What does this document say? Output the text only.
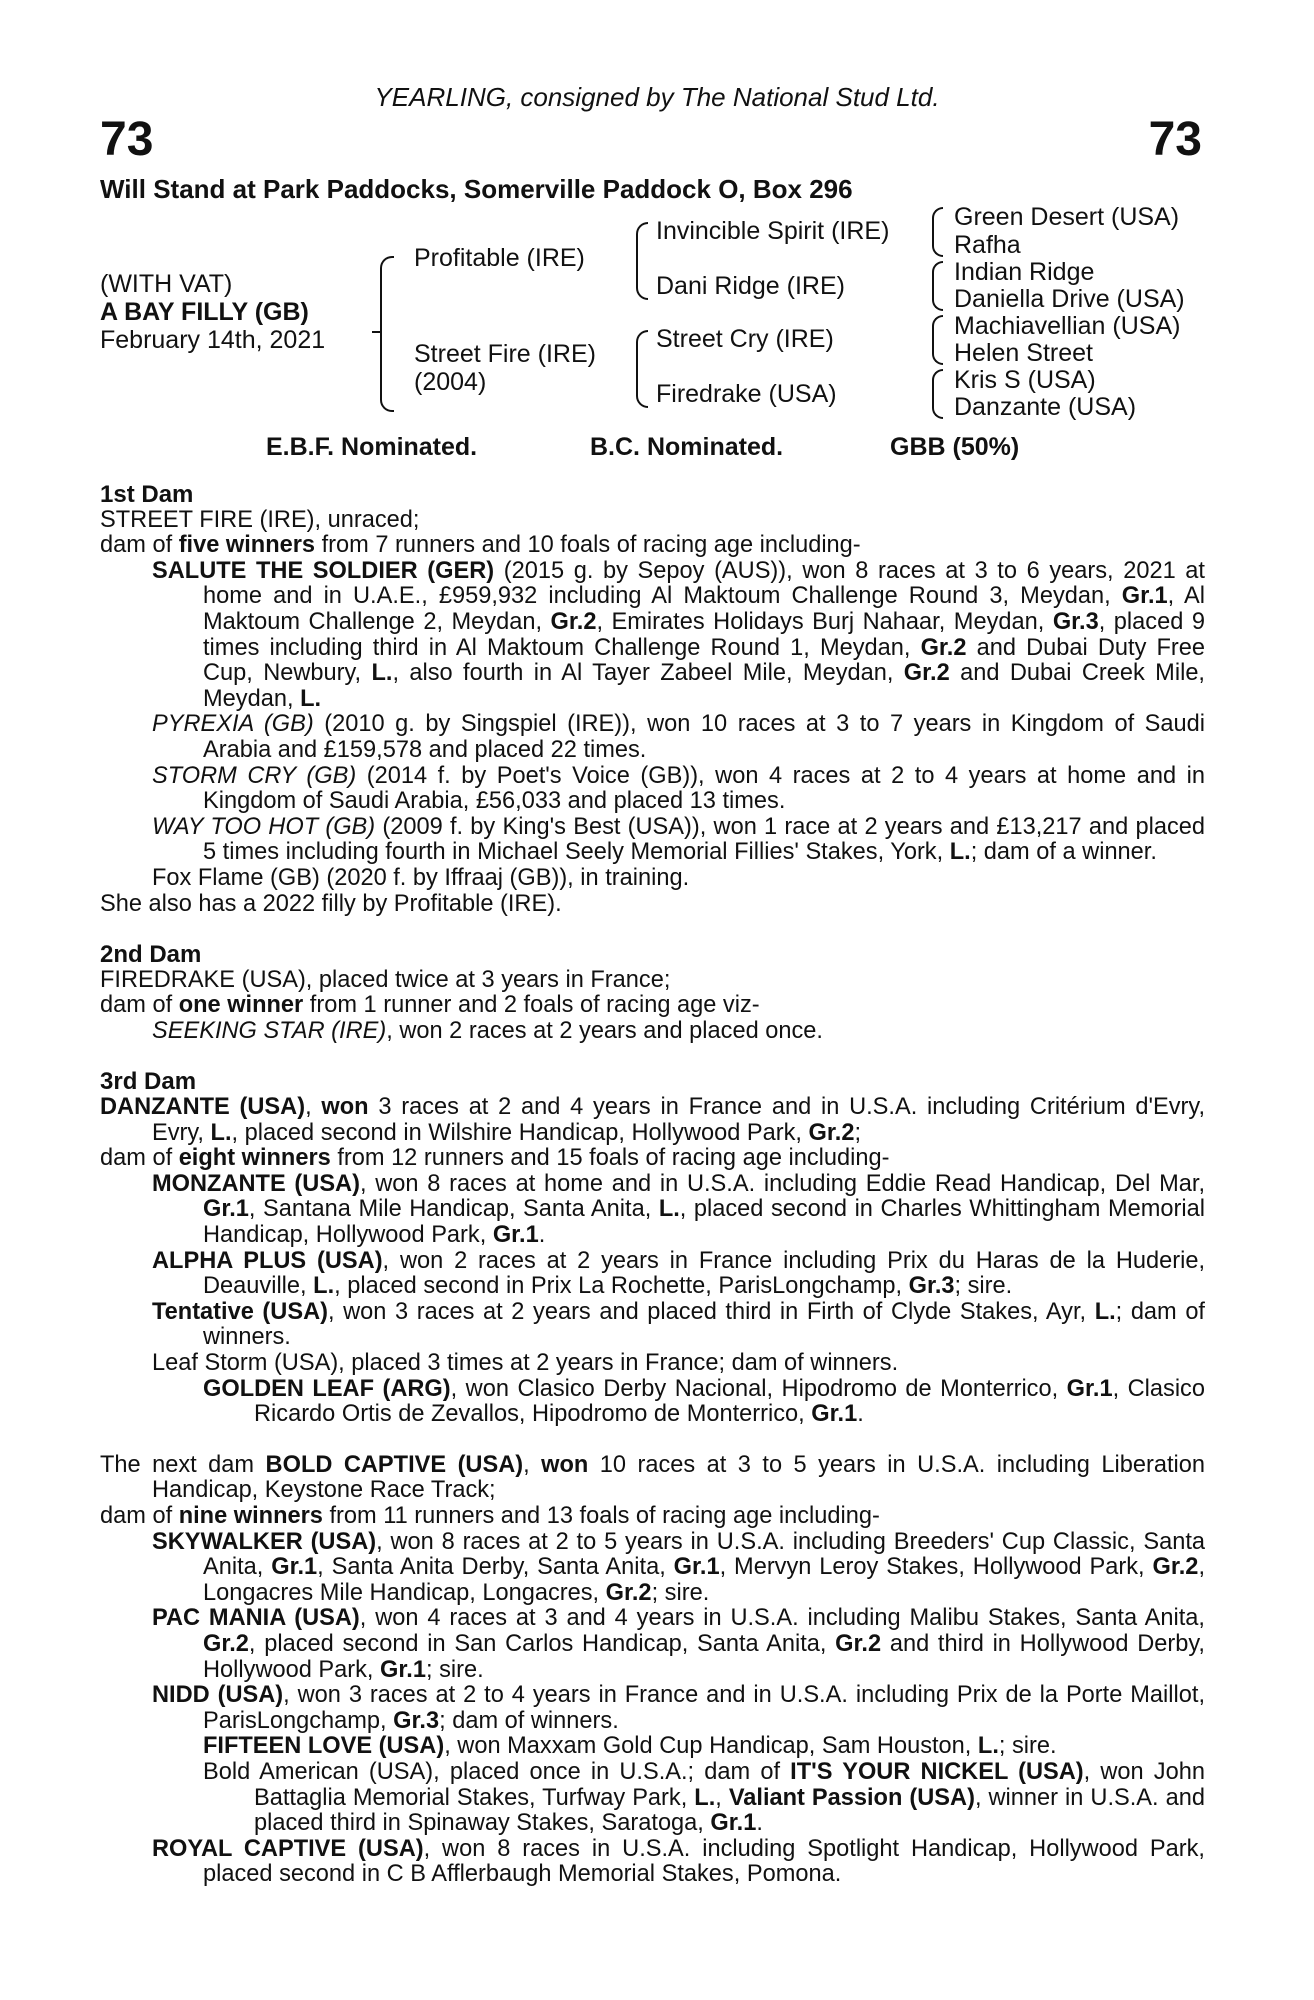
YEARLING, consigned by The National Stud Ltd.
73	73
Will Stand at Park Paddocks, Somerville Paddock O, Box 296
(WITH VAT)
A BAY FILLY (GB)
February 14th, 2021
Profitable (IRE)
Street Fire (IRE)
(2004)
Invincible Spirit (IRE)
Dani Ridge (IRE)
Street Cry (IRE)
Firedrake (USA)
Green Desert (USA)
Rafha
Indian Ridge
Daniella Drive (USA)
Machiavellian (USA)
Helen Street
Kris S (USA)
Danzante (USA)
E.B.F. Nominated.	B.C. Nominated.	GBB (50%)

1st Dam

STREET FIRE (IRE), unraced;

dam of five winners from 7 runners and 10 foals of racing age including-

SALUTE THE SOLDIER (GER) (2015 g. by Sepoy (AUS)), won 8 races at 3 to 6 years, 2021 at home and in U.A.E., £959,932 including Al Maktoum Challenge Round 3, Meydan, Gr.1, Al Maktoum Challenge 2, Meydan, Gr.2, Emirates Holidays Burj Nahaar, Meydan, Gr.3, placed 9 times including third in Al Maktoum Challenge Round 1, Meydan, Gr.2 and Dubai Duty Free Cup, Newbury, L., also fourth in Al Tayer Zabeel Mile, Meydan, Gr.2 and Dubai Creek Mile, Meydan, L.

PYREXIA (GB) (2010 g. by Singspiel (IRE)), won 10 races at 3 to 7 years in Kingdom of Saudi Arabia and £159,578 and placed 22 times.

STORM CRY (GB) (2014 f. by Poet's Voice (GB)), won 4 races at 2 to 4 years at home and in Kingdom of Saudi Arabia, £56,033 and placed 13 times.

WAY TOO HOT (GB) (2009 f. by King's Best (USA)), won 1 race at 2 years and £13,217 and placed 5 times including fourth in Michael Seely Memorial Fillies' Stakes, York, L.; dam of a winner.

Fox Flame (GB) (2020 f. by Iffraaj (GB)), in training.

She also has a 2022 filly by Profitable (IRE).

2nd Dam

FIREDRAKE (USA), placed twice at 3 years in France;

dam of one winner from 1 runner and 2 foals of racing age viz-

SEEKING STAR (IRE), won 2 races at 2 years and placed once.

3rd Dam

DANZANTE (USA), won 3 races at 2 and 4 years in France and in U.S.A. including Critérium d'Evry, Evry, L., placed second in Wilshire Handicap, Hollywood Park, Gr.2;

dam of eight winners from 12 runners and 15 foals of racing age including-

MONZANTE (USA), won 8 races at home and in U.S.A. including Eddie Read Handicap, Del Mar, Gr.1, Santana Mile Handicap, Santa Anita, L., placed second in Charles Whittingham Memorial Handicap, Hollywood Park, Gr.1.

ALPHA PLUS (USA), won 2 races at 2 years in France including Prix du Haras de la Huderie, Deauville, L., placed second in Prix La Rochette, ParisLongchamp, Gr.3; sire.

Tentative (USA), won 3 races at 2 years and placed third in Firth of Clyde Stakes, Ayr, L.; dam of winners.

Leaf Storm (USA), placed 3 times at 2 years in France; dam of winners.

GOLDEN LEAF (ARG), won Clasico Derby Nacional, Hipodromo de Monterrico, Gr.1, Clasico Ricardo Ortis de Zevallos, Hipodromo de Monterrico, Gr.1.

The next dam BOLD CAPTIVE (USA), won 10 races at 3 to 5 years in U.S.A. including Liberation Handicap, Keystone Race Track;

dam of nine winners from 11 runners and 13 foals of racing age including-

SKYWALKER (USA), won 8 races at 2 to 5 years in U.S.A. including Breeders' Cup Classic, Santa Anita, Gr.1, Santa Anita Derby, Santa Anita, Gr.1, Mervyn Leroy Stakes, Hollywood Park, Gr.2, Longacres Mile Handicap, Longacres, Gr.2; sire.

PAC MANIA (USA), won 4 races at 3 and 4 years in U.S.A. including Malibu Stakes, Santa Anita, Gr.2, placed second in San Carlos Handicap, Santa Anita, Gr.2 and third in Hollywood Derby, Hollywood Park, Gr.1; sire.

NIDD (USA), won 3 races at 2 to 4 years in France and in U.S.A. including Prix de la Porte Maillot, ParisLongchamp, Gr.3; dam of winners.

FIFTEEN LOVE (USA), won Maxxam Gold Cup Handicap, Sam Houston, L.; sire.

Bold American (USA), placed once in U.S.A.; dam of IT'S YOUR NICKEL (USA), won John Battaglia Memorial Stakes, Turfway Park, L., Valiant Passion (USA), winner in U.S.A. and placed third in Spinaway Stakes, Saratoga, Gr.1.

ROYAL CAPTIVE (USA), won 8 races in U.S.A. including Spotlight Handicap, Hollywood Park, placed second in C B Afflerbaugh Memorial Stakes, Pomona.
